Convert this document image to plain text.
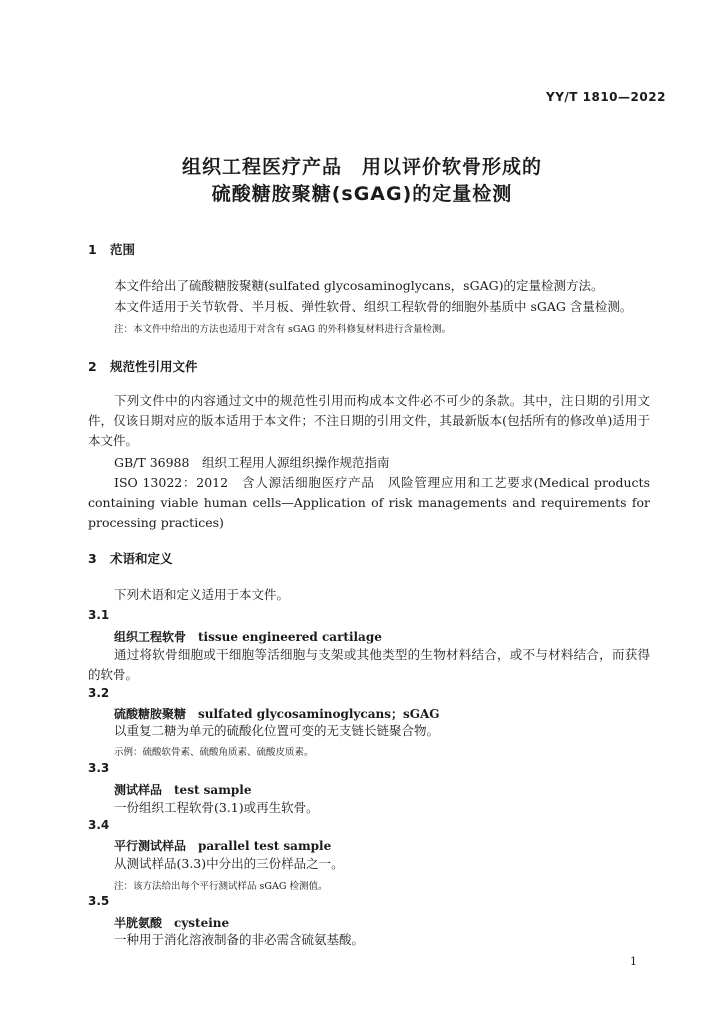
YY/T 1810—2022
组织工程医疗产品　用以评价软骨形成的
硫酸糖胺聚糖(sGAG)的定量检测
1 范围
本文件给出了硫酸糖胺聚糖(sulfated glycosaminoglycans，sGAG)的定量检测方法。
本文件适用于关节软骨、半月板、弹性软骨、组织工程软骨的细胞外基质中 sGAG 含量检测。
注：本文件中给出的方法也适用于对含有 sGAG 的外科修复材料进行含量检测。
2 规范性引用文件
下列文件中的内容通过文中的规范性引用而构成本文件必不可少的条款。其中，注日期的引用文件，仅该日期对应的版本适用于本文件；不注日期的引用文件，其最新版本(包括所有的修改单)适用于本文件。
GB/T 36988　组织工程用人源组织操作规范指南
ISO 13022：2012　含人源活细胞医疗产品　风险管理应用和工艺要求(Medical products containing viable human cells—Application of risk managements and requirements for processing practices)
3 术语和定义
下列术语和定义适用于本文件。
3.1
组织工程软骨 tissue engineered cartilage
通过将软骨细胞或干细胞等活细胞与支架或其他类型的生物材料结合，或不与材料结合，而获得的软骨。
3.2
硫酸糖胺聚糖 sulfated glycosaminoglycans；sGAG
以重复二糖为单元的硫酸化位置可变的无支链长链聚合物。
示例：硫酸软骨素、硫酸角质素、硫酸皮质素。
3.3
测试样品 test sample
一份组织工程软骨(3.1)或再生软骨。
3.4
平行测试样品 parallel test sample
从测试样品(3.3)中分出的三份样品之一。
注：该方法给出每个平行测试样品 sGAG 检测值。
3.5
半胱氨酸 cysteine
一种用于消化溶液制备的非必需含硫氨基酸。
1
